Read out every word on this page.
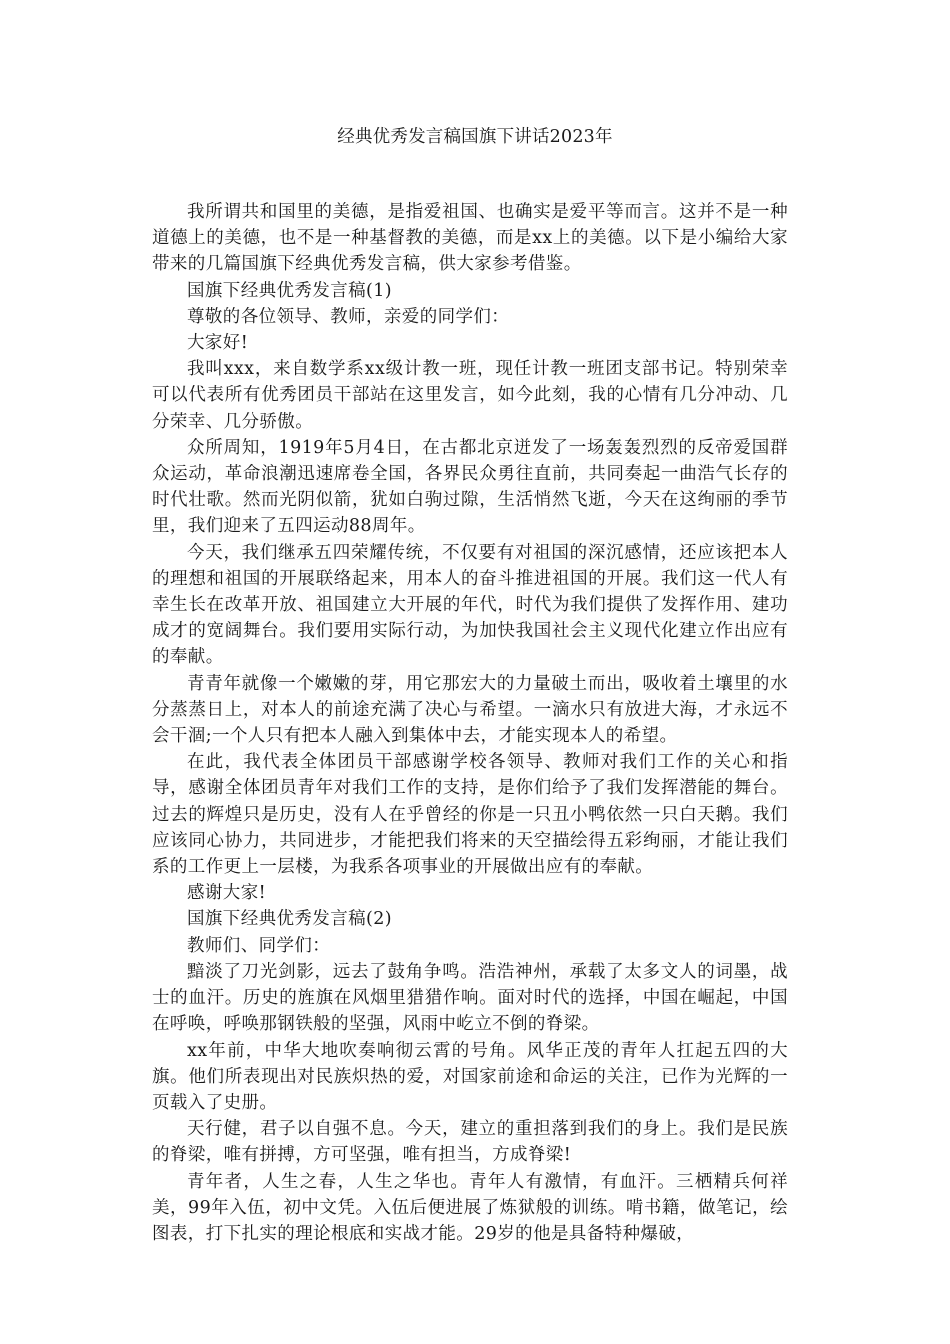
经典优秀发言稿国旗下讲话2023年

我所谓共和国里的美德，是指爱祖国、也确实是爱平等而言。这并不是一种道德上的美德，也不是一种基督教的美德，而是xx上的美德。以下是小编给大家带来的几篇国旗下经典优秀发言稿，供大家参考借鉴。

国旗下经典优秀发言稿(1)

尊敬的各位领导、教师，亲爱的同学们：

大家好!

我叫xxx，来自数学系xx级计教一班，现任计教一班团支部书记。特别荣幸可以代表所有优秀团员干部站在这里发言，如今此刻，我的心情有几分冲动、几分荣幸、几分骄傲。

众所周知，1919年5月4日，在古都北京迸发了一场轰轰烈烈的反帝爱国群众运动，革命浪潮迅速席卷全国，各界民众勇往直前，共同奏起一曲浩气长存的时代壮歌。然而光阴似箭，犹如白驹过隙，生活悄然飞逝，今天在这绚丽的季节里，我们迎来了五四运动88周年。

今天，我们继承五四荣耀传统，不仅要有对祖国的深沉感情，还应该把本人的理想和祖国的开展联络起来，用本人的奋斗推进祖国的开展。我们这一代人有幸生长在改革开放、祖国建立大开展的年代，时代为我们提供了发挥作用、建功成才的宽阔舞台。我们要用实际行动，为加快我国社会主义现代化建立作出应有的奉献。

青青年就像一个嫩嫩的芽，用它那宏大的力量破土而出，吸收着土壤里的水分蒸蒸日上，对本人的前途充满了决心与希望。一滴水只有放进大海，才永远不会干涸;一个人只有把本人融入到集体中去，才能实现本人的希望。

在此，我代表全体团员干部感谢学校各领导、教师对我们工作的关心和指导，感谢全体团员青年对我们工作的支持，是你们给予了我们发挥潜能的舞台。过去的辉煌只是历史，没有人在乎曾经的你是一只丑小鸭依然一只白天鹅。我们应该同心协力，共同进步，才能把我们将来的天空描绘得五彩绚丽，才能让我们系的工作更上一层楼，为我系各项事业的开展做出应有的奉献。

感谢大家!

国旗下经典优秀发言稿(2)

教师们、同学们：

黯淡了刀光剑影，远去了鼓角争鸣。浩浩神州，承载了太多文人的词墨，战士的血汗。历史的旌旗在风烟里猎猎作响。面对时代的选择，中国在崛起，中国在呼唤，呼唤那钢铁般的坚强，风雨中屹立不倒的脊梁。

xx年前，中华大地吹奏响彻云霄的号角。风华正茂的青年人扛起五四的大旗。他们所表现出对民族炽热的爱，对国家前途和命运的关注，已作为光辉的一页载入了史册。

天行健，君子以自强不息。今天，建立的重担落到我们的身上。我们是民族的脊梁，唯有拼搏，方可坚强，唯有担当，方成脊梁!

青年者，人生之春，人生之华也。青年人有激情，有血汗。三栖精兵何祥美，99年入伍，初中文凭。入伍后便进展了炼狱般的训练。啃书籍，做笔记，绘图表，打下扎实的理论根底和实战才能。29岁的他是具备特种爆破，
